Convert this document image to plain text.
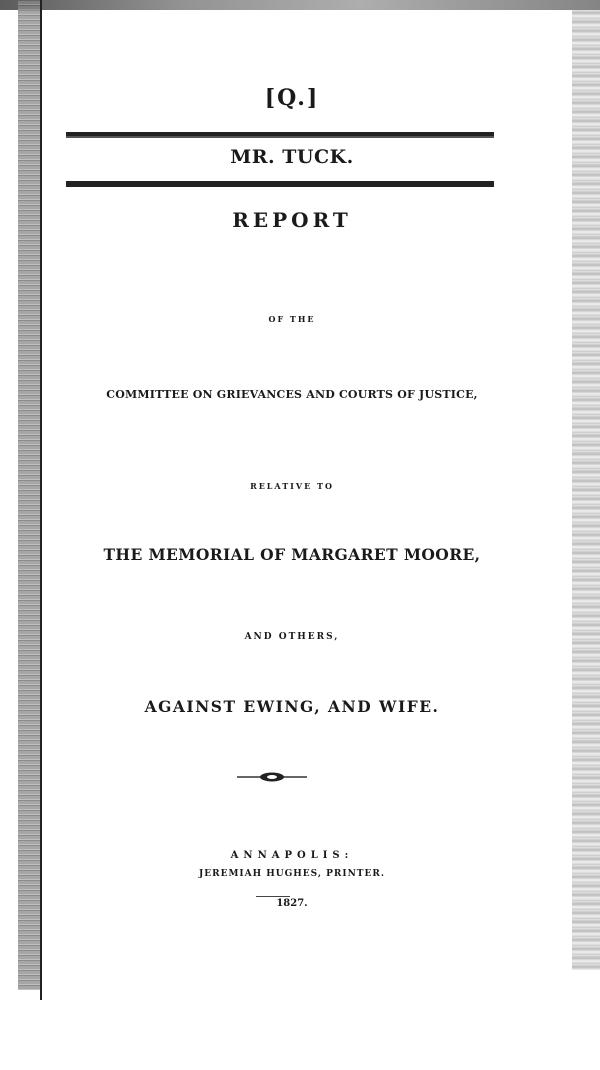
[Q.]
MR. TUCK.
REPORT
OF THE
COMMITTEE ON GRIEVANCES AND COURTS OF JUSTICE,
RELATIVE TO
THE MEMORIAL OF MARGARET MOORE,
AND OTHERS,
AGAINST EWING, AND WIFE.
ANNAPOLIS:
JEREMIAH HUGHES, PRINTER.
1827.
